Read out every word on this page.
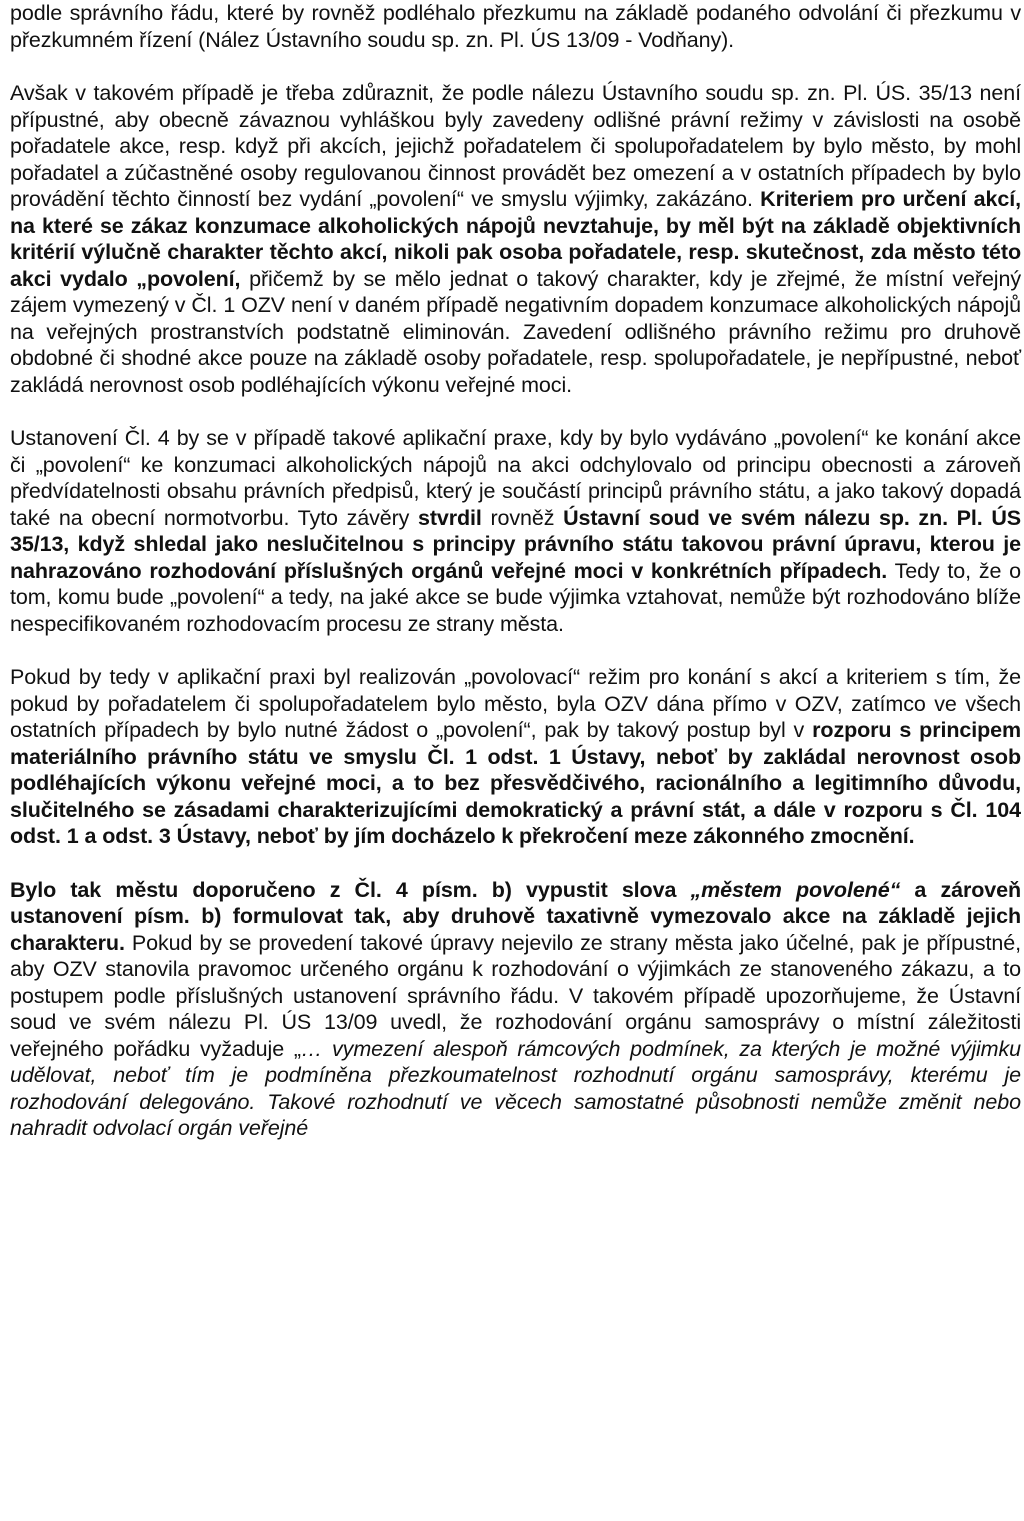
podle správního řádu, které by rovněž podléhalo přezkumu na základě podaného odvolání či přezkumu v přezkumném řízení (Nález Ústavního soudu sp. zn. Pl. ÚS 13/09 - Vodňany).

Avšak v takovém případě je třeba zdůraznit, že podle nálezu Ústavního soudu sp. zn. Pl. ÚS. 35/13 není přípustné, aby obecně závaznou vyhláškou byly zavedeny odlišné právní režimy v závislosti na osobě pořadatele akce, resp. když při akcích, jejichž pořadatelem či spolupořadatelem by bylo město, by mohl pořadatel a zúčastněné osoby regulovanou činnost provádět bez omezení a v ostatních případech by bylo provádění těchto činností bez vydání „povolení“ ve smyslu výjimky, zakázáno. Kriteriem pro určení akcí, na které se zákaz konzumace alkoholických nápojů nevztahuje, by měl být na základě objektivních kritérií výlučně charakter těchto akcí, nikoli pak osoba pořadatele, resp. skutečnost, zda město této akci vydalo „povolení, přičemž by se mělo jednat o takový charakter, kdy je zřejmé, že místní veřejný zájem vymezený v Čl. 1 OZV není v daném případě negativním dopadem konzumace alkoholických nápojů na veřejných prostranstvích podstatně eliminován. Zavedení odlišného právního režimu pro druhově obdobné či shodné akce pouze na základě osoby pořadatele, resp. spolupořadatele, je nepřípustné, neboť zakládá nerovnost osob podléhajících výkonu veřejné moci.

Ustanovení Čl. 4 by se v případě takové aplikační praxe, kdy by bylo vydáváno „povolení“ ke konání akce či „povolení“ ke konzumaci alkoholických nápojů na akci odchylovalo od principu obecnosti a zároveň předvídatelnosti obsahu právních předpisů, který je součástí principů právního státu, a jako takový dopadá také na obecní normotvorbu. Tyto závěry stvrdil rovněž Ústavní soud ve svém nálezu sp. zn. Pl. ÚS 35/13, když shledal jako neslučitelnou s principy právního státu takovou právní úpravu, kterou je nahrazováno rozhodování příslušných orgánů veřejné moci v konkrétních případech. Tedy to, že o tom, komu bude „povolení“ a tedy, na jaké akce se bude výjimka vztahovat, nemůže být rozhodováno blíže nespecifikovaném rozhodovacím procesu ze strany města.

Pokud by tedy v aplikační praxi byl realizován „povolovací“ režim pro konání s akcí a kriteriem s tím, že pokud by pořadatelem či spolupořadatelem bylo město, byla OZV dána přímo v OZV, zatímco ve všech ostatních případech by bylo nutné žádost o „povolení“, pak by takový postup byl v rozporu s principem materiálního právního státu ve smyslu Čl. 1 odst. 1 Ústavy, neboť by zakládal nerovnost osob podléhajících výkonu veřejné moci, a to bez přesvědčivého, racionálního a legitimního důvodu, slučitelného se zásadami charakterizujícími demokratický a právní stát, a dále v rozporu s Čl. 104 odst. 1 a odst. 3 Ústavy, neboť by jím docházelo k překročení meze zákonného zmocnění.

Bylo tak městu doporučeno z Čl. 4 písm. b) vypustit slova „městem povolené“ a zároveň ustanovení písm. b) formulovat tak, aby druhově taxativně vymezovalo akce na základě jejich charakteru. Pokud by se provedení takové úpravy nejevilo ze strany města jako účelné, pak je přípustné, aby OZV stanovila pravomoc určeného orgánu k rozhodování o výjimkách ze stanoveného zákazu, a to postupem podle příslušných ustanovení správního řádu. V takovém případě upozorňujeme, že Ústavní soud ve svém nálezu Pl. ÚS 13/09 uvedl, že rozhodování orgánu samosprávy o místní záležitosti veřejného pořádku vyžaduje „… vymezení alespoň rámcových podmínek, za kterých je možné výjimku udělovat, neboť tím je podmíněna přezkoumatelnost rozhodnutí orgánu samosprávy, kterému je rozhodování delegováno. Takové rozhodnutí ve věcech samostatné působnosti nemůže změnit nebo nahradit odvolací orgán veřejné
